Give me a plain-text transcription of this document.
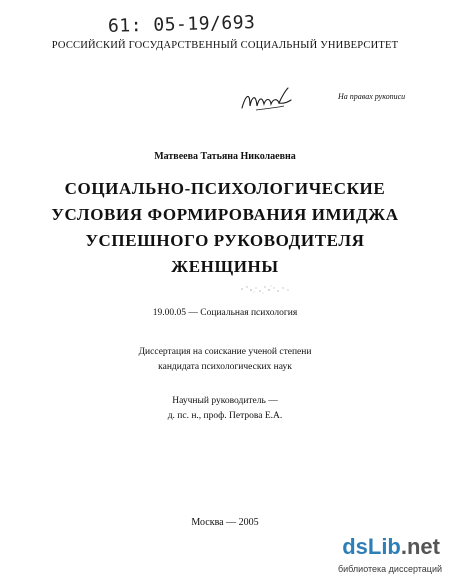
61: 05-19/693
РОССИЙСКИЙ ГОСУДАРСТВЕННЫЙ СОЦИАЛЬНЫЙ УНИВЕРСИТЕТ
На правах рукописи
Матвеева Татьяна Николаевна
СОЦИАЛЬНО-ПСИХОЛОГИЧЕСКИЕ
УСЛОВИЯ ФОРМИРОВАНИЯ ИМИДЖА
УСПЕШНОГО РУКОВОДИТЕЛЯ
ЖЕНЩИНЫ
19.00.05 — Социальная психология
Диссертация на соискание ученой степени
кандидата психологических наук
Научный руководитель —
д. пс. н., проф. Петрова Е.А.
Москва — 2005
dsLib.net
библиотека диссертаций
